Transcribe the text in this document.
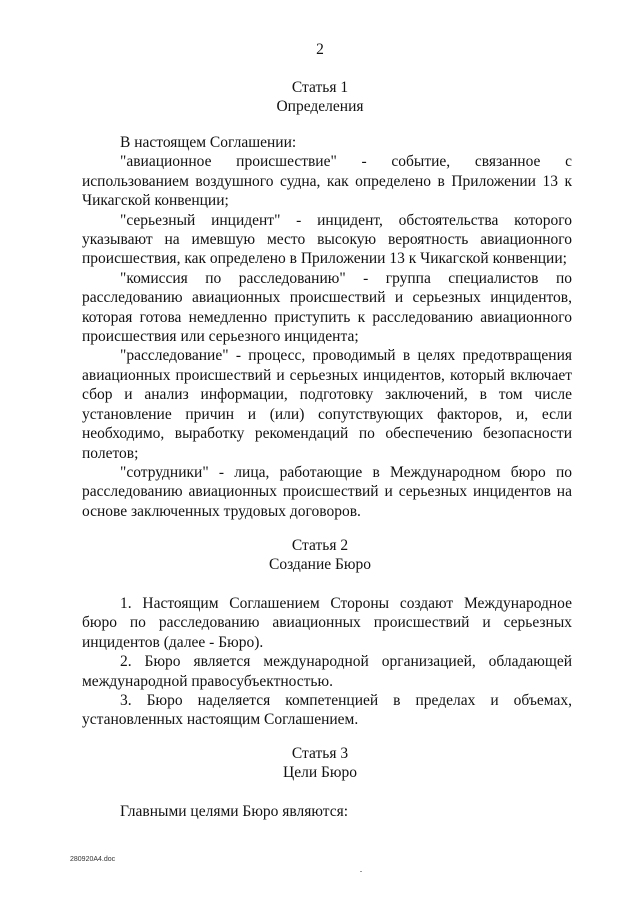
2
Статья 1
Определения

В настоящем Соглашении:

"авиационное происшествие" - событие, связанное с использованием воздушного судна, как определено в Приложении 13 к Чикагской конвенции;

"серьезный инцидент" - инцидент, обстоятельства которого указывают на имевшую место высокую вероятность авиационного происшествия, как определено в Приложении 13 к Чикагской конвенции;

"комиссия по расследованию" - группа специалистов по расследованию авиационных происшествий и серьезных инцидентов, которая готова немедленно приступить к расследованию авиационного происшествия или серьезного инцидента;

"расследование" - процесс, проводимый в целях предотвращения авиационных происшествий и серьезных инцидентов, который включает сбор и анализ информации, подготовку заключений, в том числе установление причин и (или) сопутствующих факторов, и, если необходимо, выработку рекомендаций по обеспечению безопасности полетов;

"сотрудники" - лица, работающие в Международном бюро по расследованию авиационных происшествий и серьезных инцидентов на основе заключенных трудовых договоров.

Статья 2
Создание Бюро

1. Настоящим Соглашением Стороны создают Международное бюро по расследованию авиационных происшествий и серьезных инцидентов (далее - Бюро).

2. Бюро является международной организацией, обладающей международной правосубъектностью.

3. Бюро наделяется компетенцией в пределах и объемах, установленных настоящим Соглашением.

Статья 3
Цели Бюро

Главными целями Бюро являются:

280920A4.doc
